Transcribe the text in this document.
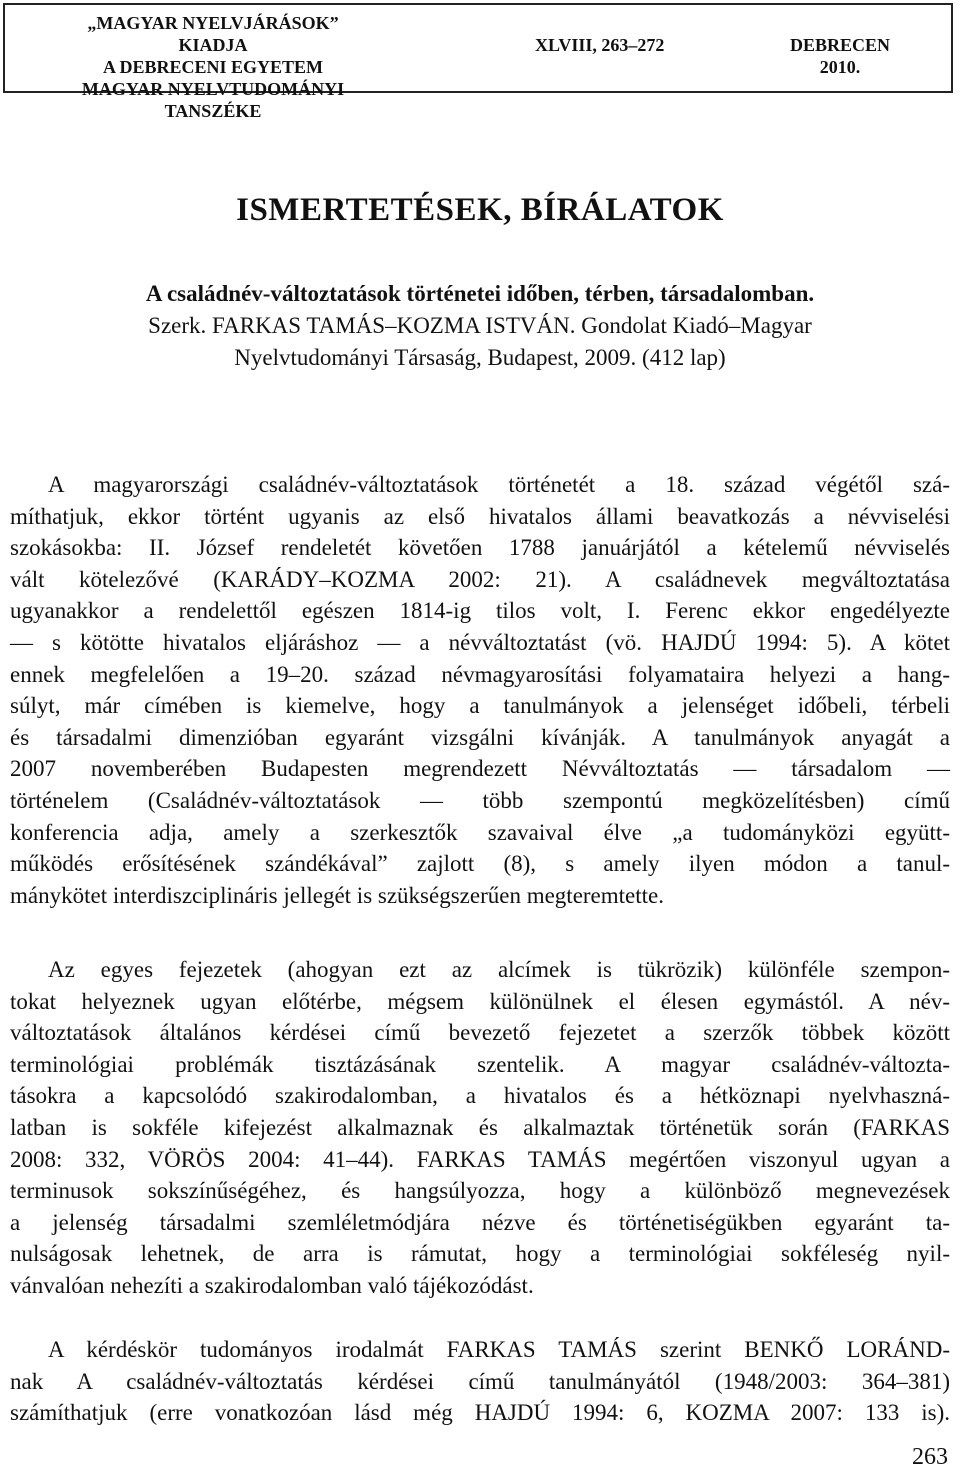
„MAGYAR NYELVJÁRÁSOK”
KIADJA
A DEBRECENI EGYETEM
MAGYAR NYELVTUDOMÁNYI TANSZÉKE
XLVIII, 263–272	DEBRECEN
2010.
ISMERTETÉSEK, BÍRÁLATOK
A családnév-változtatások történetei időben, térben, társadalomban.
Szerk. FARKAS TAMÁS–KOZMA ISTVÁN. Gondolat Kiadó–Magyar
Nyelvtudományi Társaság, Budapest, 2009. (412 lap)
A magyarországi családnév-változtatások történetét a 18. század végétől szá-
míthatjuk, ekkor történt ugyanis az első hivatalos állami beavatkozás a névviselési
szokásokba: II. József rendeletét követően 1788 januárjától a kételemű névviselés
vált kötelezővé (KARÁDY–KOZMA 2002: 21). A családnevek megváltoztatása
ugyanakkor a rendelettől egészen 1814-ig tilos volt, I. Ferenc ekkor engedélyezte
— s kötötte hivatalos eljáráshoz — a névváltoztatást (vö. HAJDÚ 1994: 5). A kötet
ennek megfelelően a 19–20. század névmagyarosítási folyamataira helyezi a hang-
súlyt, már címében is kiemelve, hogy a tanulmányok a jelenséget időbeli, térbeli
és társadalmi dimenzióban egyaránt vizsgálni kívánják. A tanulmányok anyagát a
2007 novemberében Budapesten megrendezett Névváltoztatás — társadalom —
történelem (Családnév-változtatások — több szempontú megközelítésben) című
konferencia adja, amely a szerkesztők szavaival élve „a tudományközi együtt-
működés erősítésének szándékával” zajlott (8), s amely ilyen módon a tanul-
mánykötet interdiszciplináris jellegét is szükségszerűen megteremtette.
Az egyes fejezetek (ahogyan ezt az alcímek is tükrözik) különféle szempon-
tokat helyeznek ugyan előtérbe, mégsem különülnek el élesen egymástól. A név-
változtatások általános kérdései című bevezető fejezetet a szerzők többek között
terminológiai problémák tisztázásának szentelik. A magyar családnév-változta-
tásokra a kapcsolódó szakirodalomban, a hivatalos és a hétköznapi nyelvhaszná-
latban is sokféle kifejezést alkalmaznak és alkalmaztak történetük során (FARKAS
2008: 332, VÖRÖS 2004: 41–44). FARKAS TAMÁS megértően viszonyul ugyan a
terminusok sokszínűségéhez, és hangsúlyozza, hogy a különböző megnevezések
a jelenség társadalmi szemléletmódjára nézve és történetiségükben egyaránt ta-
nulságosak lehetnek, de arra is rámutat, hogy a terminológiai sokféleség nyil-
vánvalóan nehezíti a szakirodalomban való tájékozódást.
A kérdéskör tudományos irodalmát FARKAS TAMÁS szerint BENKŐ LORÁND-
nak A családnév-változtatás kérdései című tanulmányától (1948/2003: 364–381)
számíthatjuk (erre vonatkozóan lásd még HAJDÚ 1994: 6, KOZMA 2007: 133 is).
263
